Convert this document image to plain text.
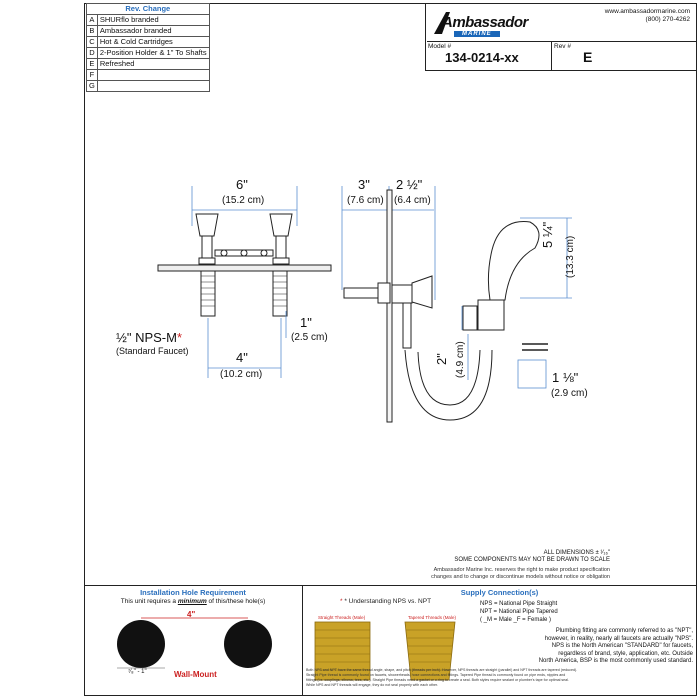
Rev. Change	
A	SHURflo branded
B	Ambassador branded
C	Hot & Cold Cartridges
D	2-Position Holder & 1" To Shafts
E	Refreshed
F	
G	
Ambassador
MARINE
www.ambassadormarine.com
(800) 270-4262
Model #	Rev #
134-0214-xx	E
6"
(15.2 cm)
3"
(7.6 cm)
2 ½"
(6.4 cm)
5 ¼"
(13.3 cm)
½" NPS-M*
(Standard Faucet)
1"
(2.5 cm)
4"
(10.2 cm)
2" (4.9 cm)	1 ⅛"
(2.9 cm)
ALL DIMENSIONS ± ¹⁄₁₆"
SOME COMPONENTS MAY NOT BE DRAWN TO SCALE
Ambassador Marine Inc. reserves the right to make product specification
changes and to change or discontinue models without notice or obligation
Installation Hole Requirement
This unit requires a minimum of this/these hole(s)
4"
⁷⁄₈" - 1"	Wall-Mount
Supply Connection(s)
* * Understanding NPS vs. NPT
Straight Threads (Male)	Tapered Threads (Male)
NPS = National Pipe Straight
NPT = National Pipe Tapered
( _M = Male _F = Female )
Plumbing fitting are commonly referred to as "NPT",
however, in reality, nearly all faucets are actually "NPS".
NPS is the North American "STANDARD" for faucets,
regardless of brand, style, application, etc. Outside
North America, BSP is the most commonly used standard.
Both NPS and NPT have the same thread angle, shape, and pitch (threads per inch). However, NPS threads are straight (parallel) and NPT threads are tapered (reduced).
Straight Pipe thread is commonly found on faucets, showerheads, hose connections and fittings. Tapered Pipe thread is commonly found on pipe ends, nipples and
fittings (i.e. couplings, elbows, tees, etc.). Straight Pipe threads need a gasket or o-ring to create a seal. Both styles require sealant or plumber's tape for optimal seal.
While NPS and NPT threads will engage, they do not seal properly with each other.
